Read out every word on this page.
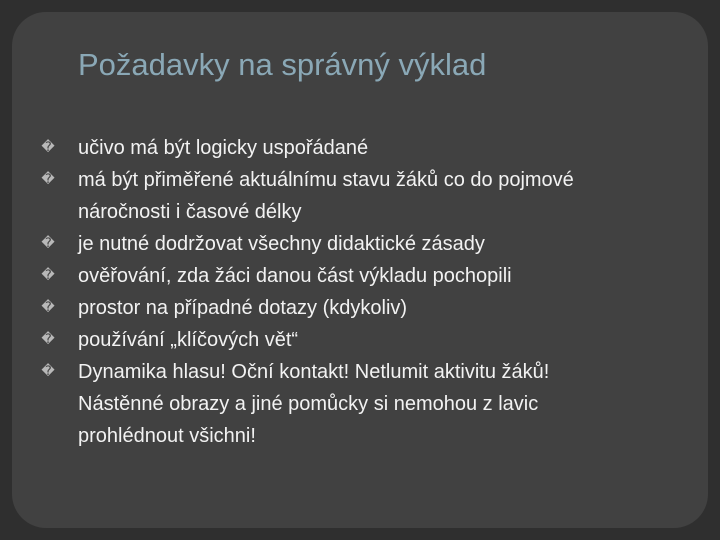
Požadavky na správný výklad
� učivo má být logicky uspořádané
� má být přiměřené aktuálnímu stavu žáků co do pojmové náročnosti i časové délky
� je nutné dodržovat všechny didaktické zásady
� ověřování, zda žáci danou část výkladu pochopili
� prostor na případné dotazy (kdykoliv)
� používání „klíčových vět“
� Dynamika hlasu! Oční kontakt! Netlumit aktivitu žáků! Nástěnné obrazy a jiné pomůcky si nemohou z lavic prohlédnout všichni!
